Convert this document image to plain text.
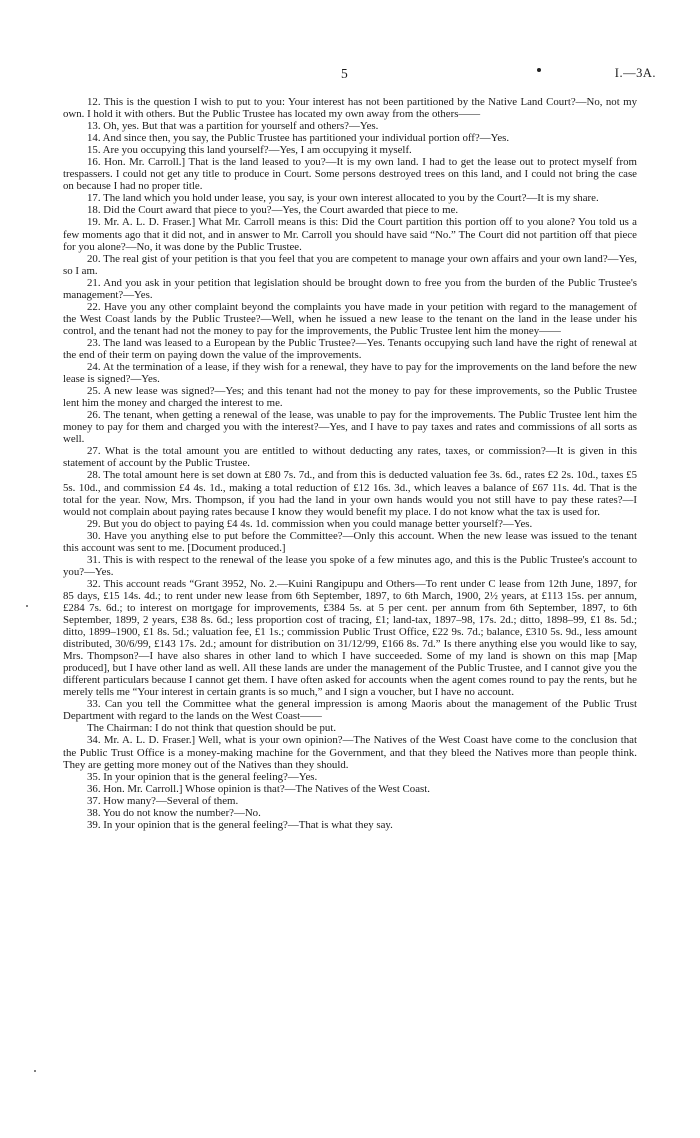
5	I.—3A.

12. This is the question I wish to put to you: Your interest has not been partitioned by the Native Land Court?—No, not my own. I hold it with others. But the Public Trustee has located my own away from the others——

13. Oh, yes. But that was a partition for yourself and others?—Yes.

14. And since then, you say, the Public Trustee has partitioned your individual portion off?—Yes.

15. Are you occupying this land yourself?—Yes, I am occupying it myself.

16. Hon. Mr. Carroll.] That is the land leased to you?—It is my own land. I had to get the lease out to protect myself from trespassers. I could not get any title to produce in Court. Some persons destroyed trees on this land, and I could not bring the case on because I had no proper title.

17. The land which you hold under lease, you say, is your own interest allocated to you by the Court?—It is my share.

18. Did the Court award that piece to you?—Yes, the Court awarded that piece to me.

19. Mr. A. L. D. Fraser.] What Mr. Carroll means is this: Did the Court partition this portion off to you alone? You told us a few moments ago that it did not, and in answer to Mr. Carroll you should have said “No.” The Court did not partition off that piece for you alone?—No, it was done by the Public Trustee.

20. The real gist of your petition is that you feel that you are competent to manage your own affairs and your own land?—Yes, so I am.

21. And you ask in your petition that legislation should be brought down to free you from the burden of the Public Trustee's management?—Yes.

22. Have you any other complaint beyond the complaints you have made in your petition with regard to the management of the West Coast lands by the Public Trustee?—Well, when he issued a new lease to the tenant on the land in the lease under his control, and the tenant had not the money to pay for the improvements, the Public Trustee lent him the money——

23. The land was leased to a European by the Public Trustee?—Yes. Tenants occupying such land have the right of renewal at the end of their term on paying down the value of the improvements.

24. At the termination of a lease, if they wish for a renewal, they have to pay for the improvements on the land before the new lease is signed?—Yes.

25. A new lease was signed?—Yes; and this tenant had not the money to pay for these improvements, so the Public Trustee lent him the money and charged the interest to me.

26. The tenant, when getting a renewal of the lease, was unable to pay for the improvements. The Public Trustee lent him the money to pay for them and charged you with the interest?—Yes, and I have to pay taxes and rates and commissions of all sorts as well.

27. What is the total amount you are entitled to without deducting any rates, taxes, or commission?—It is given in this statement of account by the Public Trustee.

28. The total amount here is set down at £80 7s. 7d., and from this is deducted valuation fee 3s. 6d., rates £2 2s. 10d., taxes £5 5s. 10d., and commission £4 4s. 1d., making a total reduction of £12 16s. 3d., which leaves a balance of £67 11s. 4d. That is the total for the year. Now, Mrs. Thompson, if you had the land in your own hands would you not still have to pay these rates?—I would not complain about paying rates because I know they would benefit my place. I do not know what the tax is used for.

29. But you do object to paying £4 4s. 1d. commission when you could manage better yourself?—Yes.

30. Have you anything else to put before the Committee?—Only this account. When the new lease was issued to the tenant this account was sent to me. [Document produced.]

31. This is with respect to the renewal of the lease you spoke of a few minutes ago, and this is the Public Trustee's account to you?—Yes.

32. This account reads “Grant 3952, No. 2.—Kuini Rangipupu and Others—To rent under C lease from 12th June, 1897, for 85 days, £15 14s. 4d.; to rent under new lease from 6th September, 1897, to 6th March, 1900, 2½ years, at £113 15s. per annum, £284 7s. 6d.; to interest on mortgage for improvements, £384 5s. at 5 per cent. per annum from 6th September, 1897, to 6th September, 1899, 2 years, £38 8s. 6d.; less proportion cost of tracing, £1; land-tax, 1897–98, 17s. 2d.; ditto, 1898–99, £1 8s. 5d.; ditto, 1899–1900, £1 8s. 5d.; valuation fee, £1 1s.; commission Public Trust Office, £22 9s. 7d.; balance, £310 5s. 9d., less amount distributed, 30/6/99, £143 17s. 2d.; amount for distribution on 31/12/99, £166 8s. 7d.” Is there anything else you would like to say, Mrs. Thompson?—I have also shares in other land to which I have succeeded. Some of my land is shown on this map [Map produced], but I have other land as well. All these lands are under the management of the Public Trustee, and I cannot give you the different particulars because I cannot get them. I have often asked for accounts when the agent comes round to pay the rents, but he merely tells me “Your interest in certain grants is so much,” and I sign a voucher, but I have no account.

33. Can you tell the Committee what the general impression is among Maoris about the management of the Public Trust Department with regard to the lands on the West Coast——

The Chairman: I do not think that question should be put.

34. Mr. A. L. D. Fraser.] Well, what is your own opinion?—The Natives of the West Coast have come to the conclusion that the Public Trust Office is a money-making machine for the Government, and that they bleed the Natives more than people think. They are getting more money out of the Natives than they should.

35. In your opinion that is the general feeling?—Yes.

36. Hon. Mr. Carroll.] Whose opinion is that?—The Natives of the West Coast.

37. How many?—Several of them.

38. You do not know the number?—No.

39. In your opinion that is the general feeling?—That is what they say.
